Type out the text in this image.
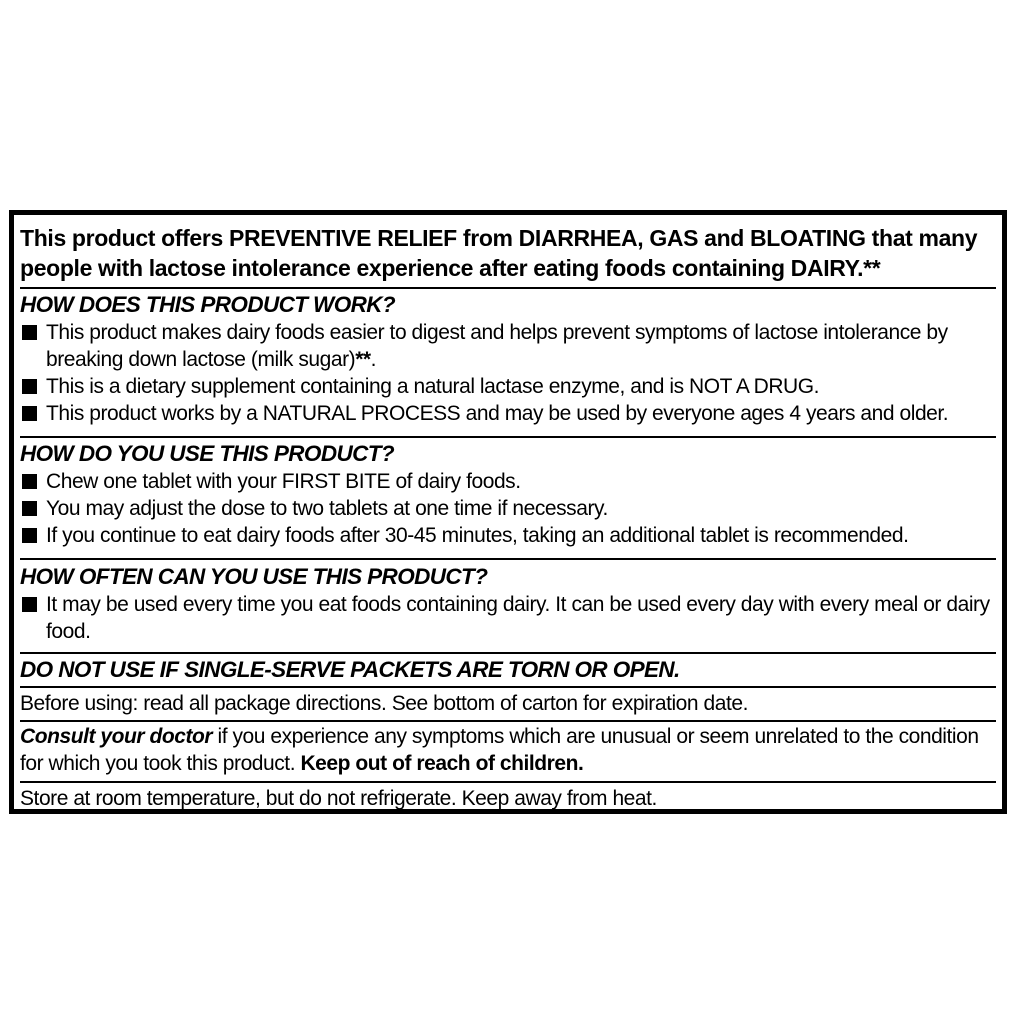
This product offers PREVENTIVE RELIEF from DIARRHEA, GAS and BLOATING that many people with lactose intolerance experience after eating foods containing DAIRY.**
HOW DOES THIS PRODUCT WORK?
This product makes dairy foods easier to digest and helps prevent symptoms of lactose intolerance by breaking down lactose (milk sugar)**.
This is a dietary supplement containing a natural lactase enzyme, and is NOT A DRUG.
This product works by a NATURAL PROCESS and may be used by everyone ages 4 years and older.
HOW DO YOU USE THIS PRODUCT?
Chew one tablet with your FIRST BITE of dairy foods.
You may adjust the dose to two tablets at one time if necessary.
If you continue to eat dairy foods after 30-45 minutes, taking an additional tablet is recommended.
HOW OFTEN CAN YOU USE THIS PRODUCT?
It may be used every time you eat foods containing dairy. It can be used every day with every meal or dairy food.
DO NOT USE IF SINGLE-SERVE PACKETS ARE TORN OR OPEN.
Before using: read all package directions. See bottom of carton for expiration date.
Consult your doctor if you experience any symptoms which are unusual or seem unrelated to the condition for which you took this product. Keep out of reach of children.
Store at room temperature, but do not refrigerate. Keep away from heat.
